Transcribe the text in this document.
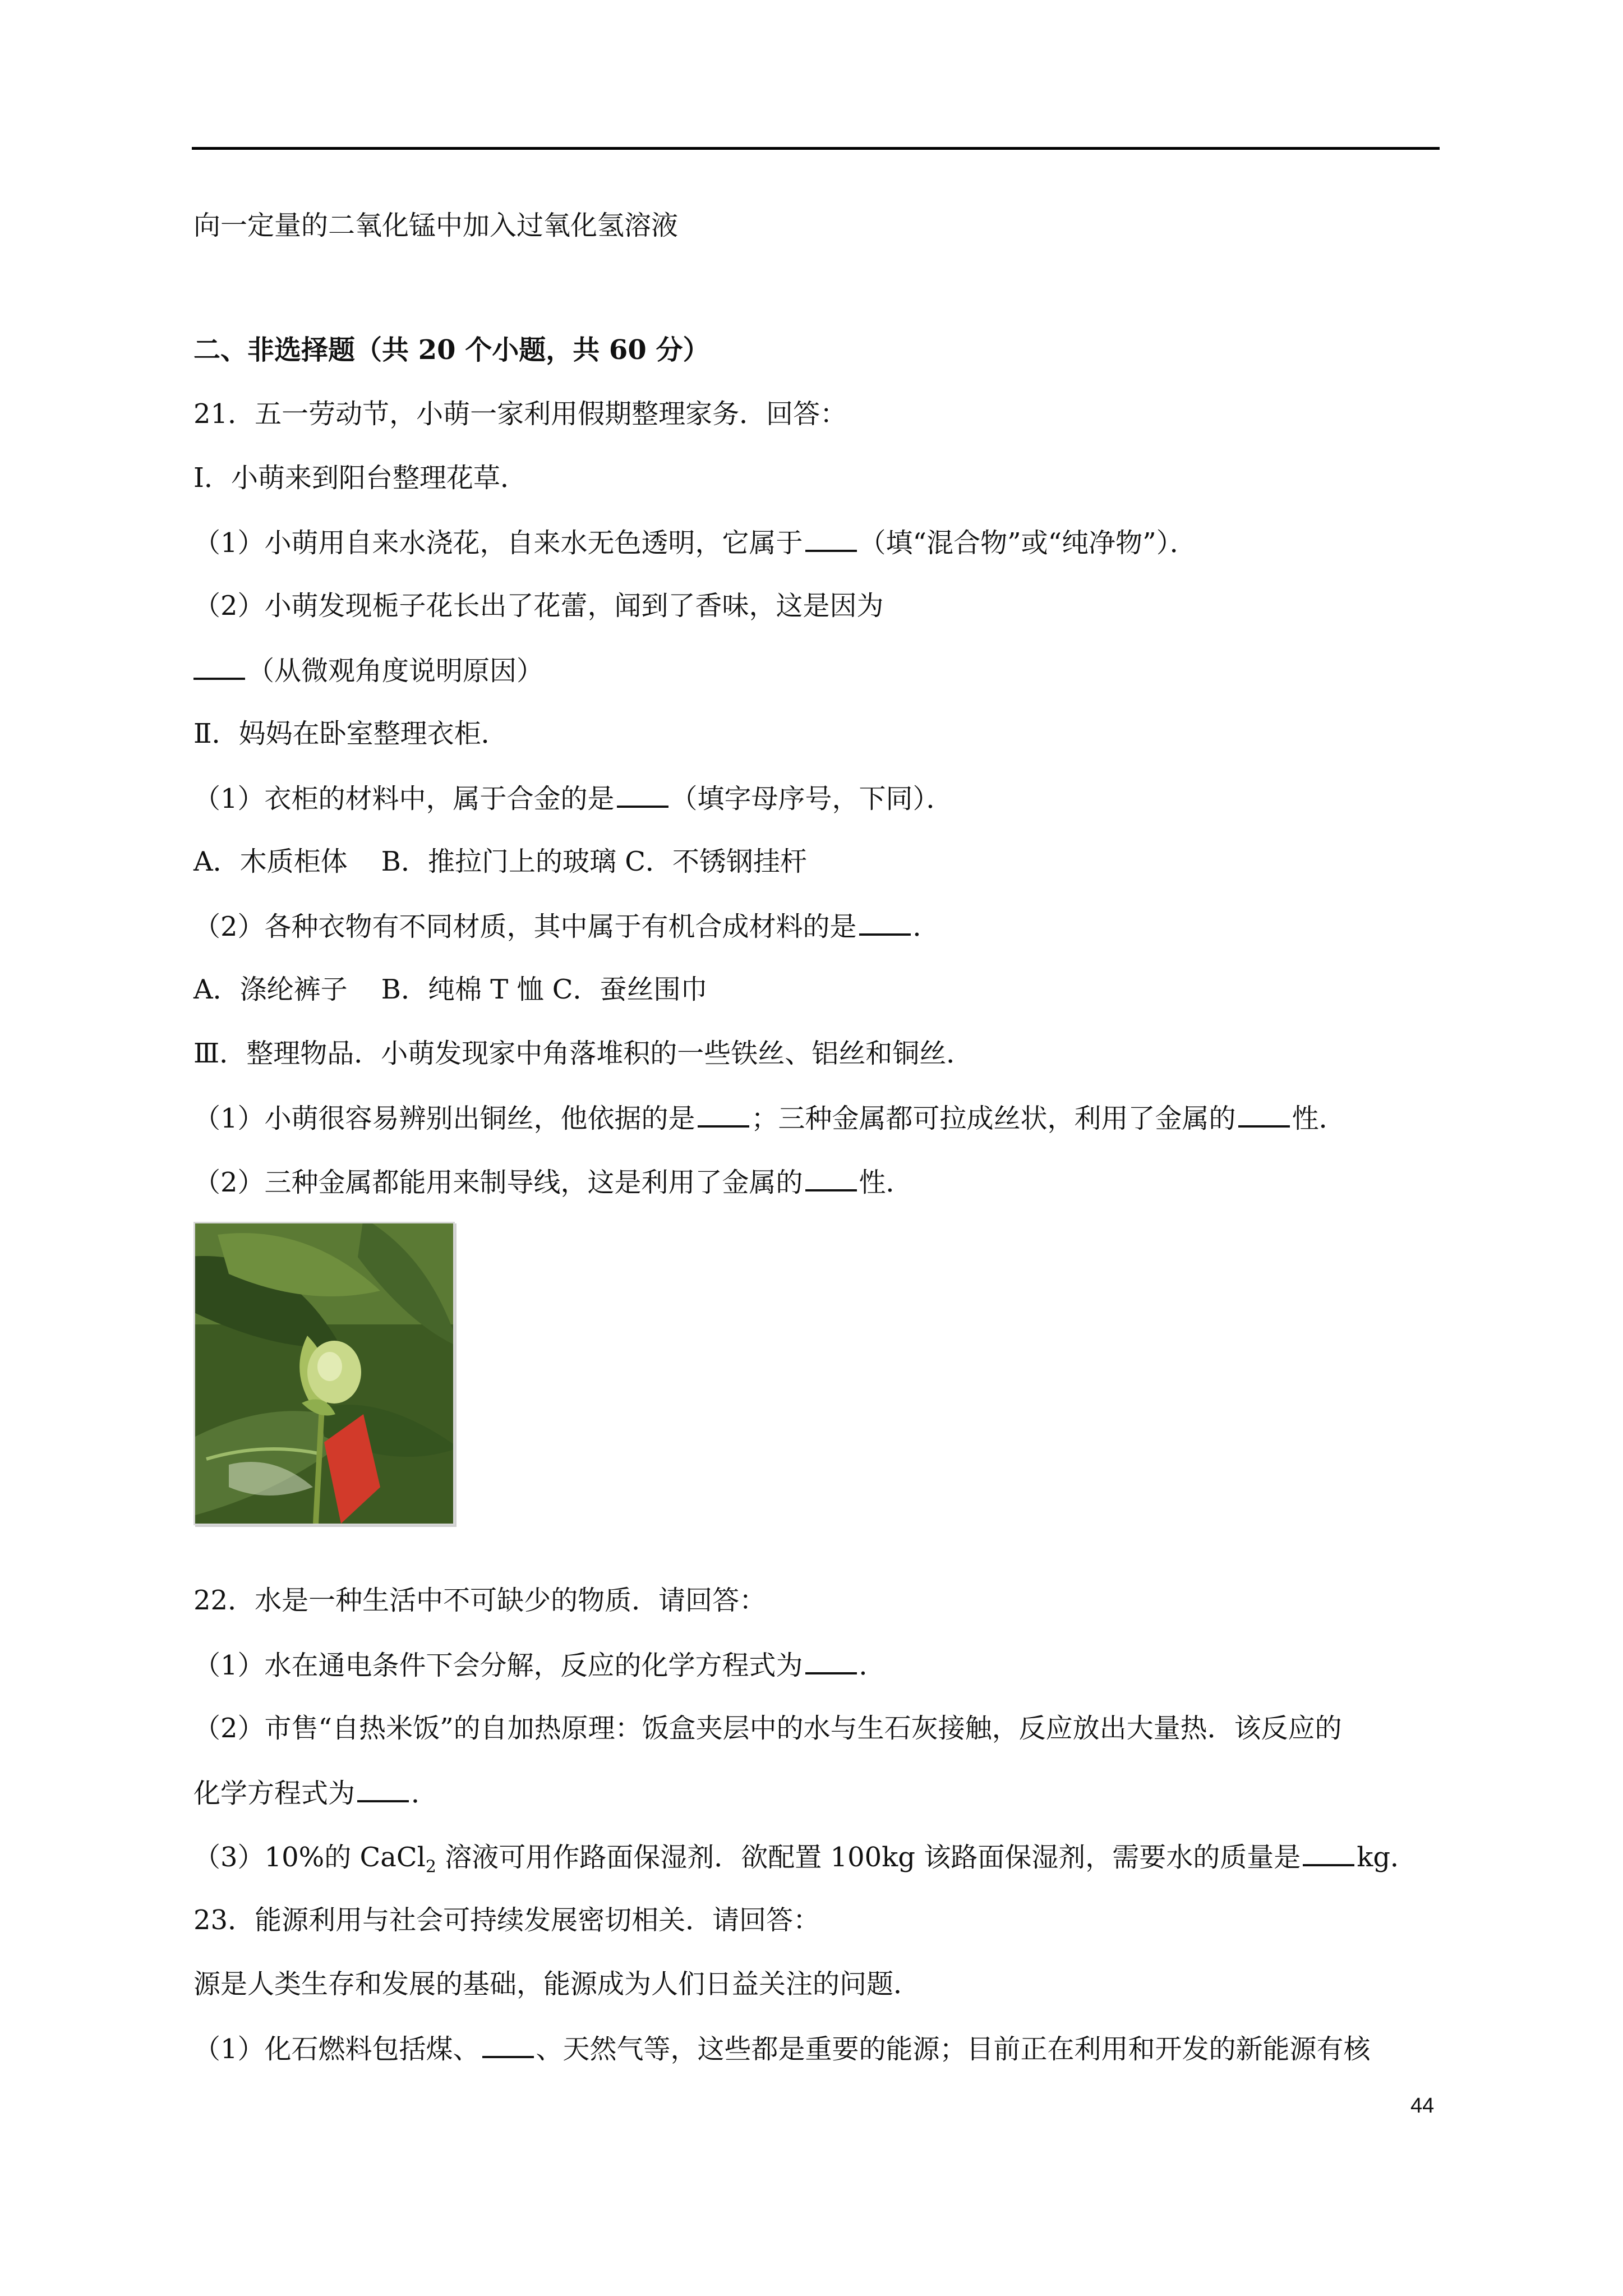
向一定量的二氧化锰中加入过氧化氢溶液
二、非选择题（共 20 个小题，共 60 分）
21．五一劳动节，小萌一家利用假期整理家务．回答：
Ⅰ．小萌来到阳台整理花草．
（1）小萌用自来水浇花，自来水无色透明，它属于 （填“混合物”或“纯净物”）．
（2）小萌发现栀子花长出了花蕾，闻到了香味，这是因为
（从微观角度说明原因）
Ⅱ．妈妈在卧室整理衣柜．
（1）衣柜的材料中，属于合金的是 （填字母序号，下同）．
A．木质柜体 B．推拉门上的玻璃 C．不锈钢挂杆
（2）各种衣物有不同材质，其中属于有机合成材料的是 ．
A．涤纶裤子 B．纯棉 T 恤 C．蚕丝围巾
Ⅲ．整理物品．小萌发现家中角落堆积的一些铁丝、铝丝和铜丝．
（1）小萌很容易辨别出铜丝，他依据的是 ；三种金属都可拉成丝状，利用了金属的 性．
（2）三种金属都能用来制导线，这是利用了金属的 性．
22．水是一种生活中不可缺少的物质．请回答：
（1）水在通电条件下会分解，反应的化学方程式为 ．
（2）市售“自热米饭”的自加热原理：饭盒夹层中的水与生石灰接触，反应放出大量热．该反应的
化学方程式为 ．
（3）10%的 CaCl$_2$ 溶液可用作路面保湿剂．欲配置 100kg 该路面保湿剂，需要水的质量是 kg．
23．能源利用与社会可持续发展密切相关．请回答：
源是人类生存和发展的基础，能源成为人们日益关注的问题．
（1）化石燃料包括煤、 、天然气等，这些都是重要的能源；目前正在利用和开发的新能源有核
44
